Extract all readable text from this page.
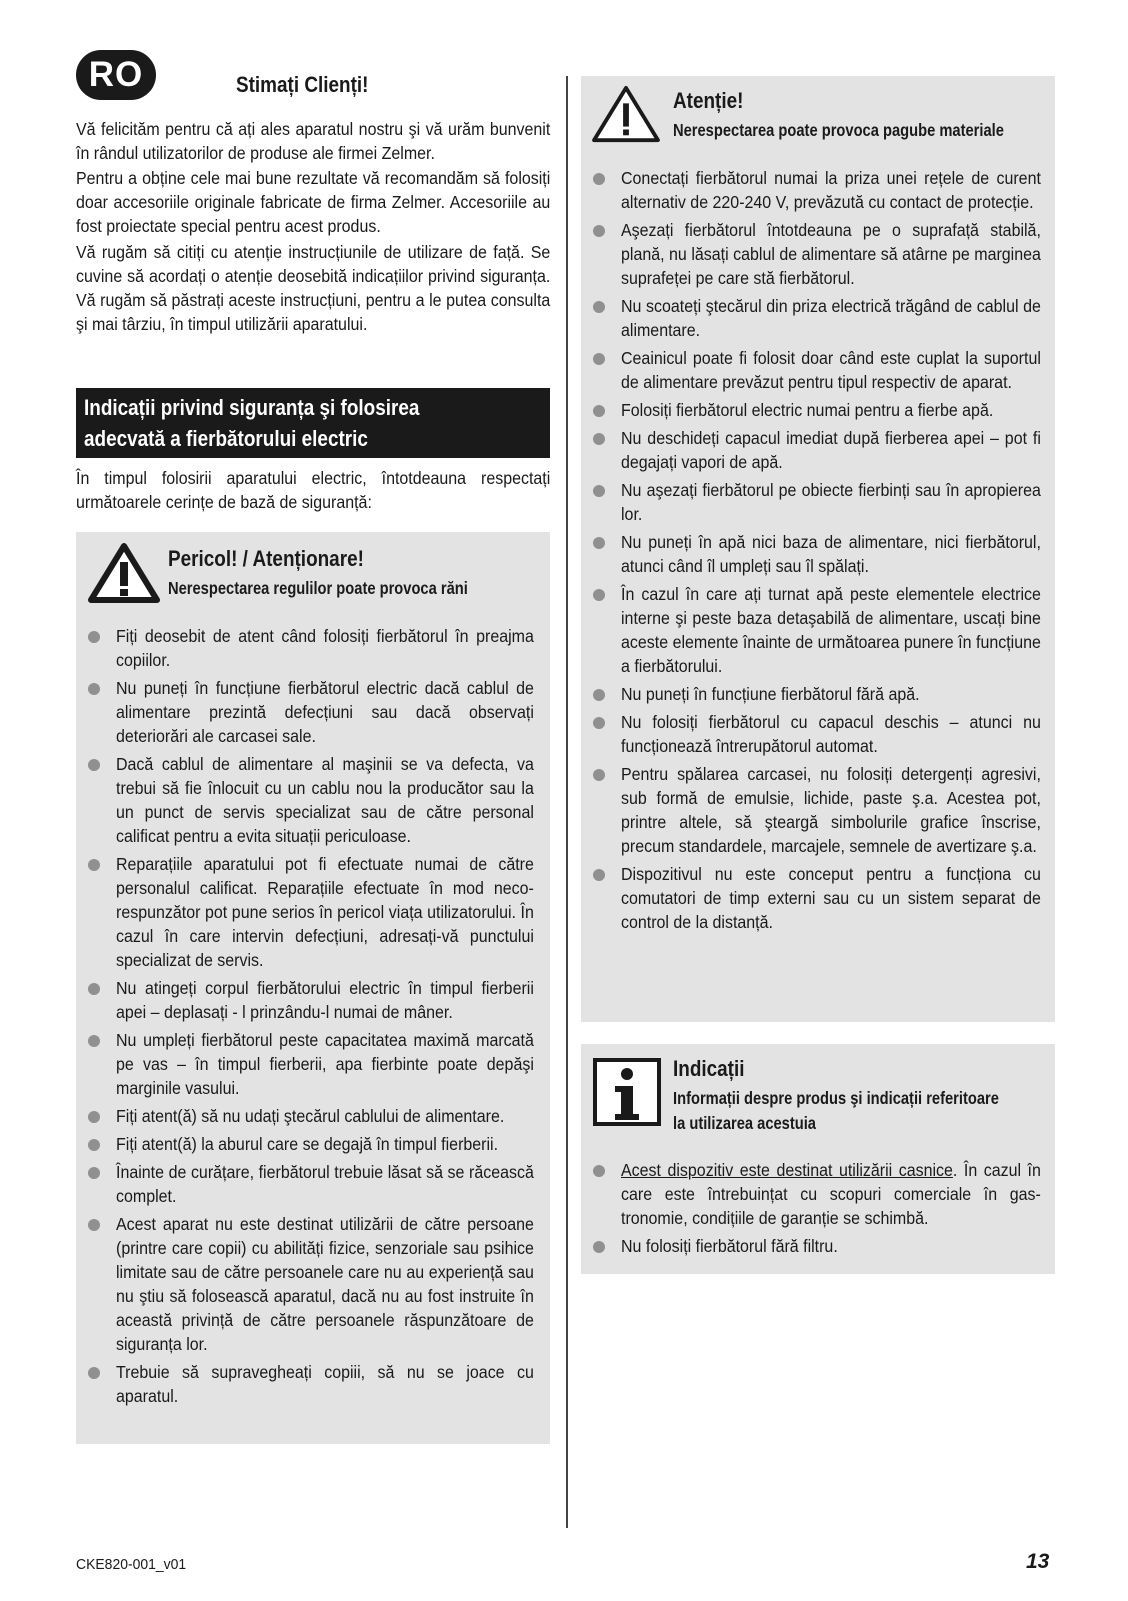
RO	Stimați Clienți!

Vă felicităm pentru că ați ales aparatul nostru şi vă urăm bunvenit în rândul utilizatorilor de produse ale firmei Zelmer.

Pentru a obține cele mai bune rezultate vă recomandăm să folosiți doar accesoriile originale fabricate de firma Zelmer. Accesoriile au fost proiectate special pentru acest produs.

Vă rugăm să citiți cu atenție instrucțiunile de utilizare de față. Se cuvine să acordați o atenție deosebită indicațiilor privind siguranța. Vă rugăm să păstrați aceste instrucțiuni, pentru a le putea consulta şi mai târziu, în timpul utilizării aparatului.

Indicații privind siguranța şi folosirea
adecvată a fierbătorului electric

În timpul folosirii aparatului electric, întotdeauna respectați următoarele cerințe de bază de siguranță:

Pericol! / Atenționare!
Nerespectarea regulilor poate provoca răni
Fiți deosebit de atent când folosiți fierbătorul în preajma copiilor.
Nu puneți în funcțiune fierbătorul electric dacă cablul de alimentare prezintă defecțiuni sau dacă observați deteriorări ale carcasei sale.
Dacă cablul de alimentare al maşinii se va defecta, va trebui să fie înlocuit cu un cablu nou la producător sau la un punct de servis specializat sau de către personal calificat pentru a evita situații periculoase.
Reparațiile aparatului pot fi efectuate numai de către personalul calificat. Reparațiile efectuate în mod necorespunzător pot pune serios în pericol viața utilizatorului. În cazul în care intervin defecțiuni, adresați-vă punctului specializat de servis.
Nu atingeți corpul fierbătorului electric în timpul fierberii apei – deplasați - l prinzându-l numai de mâner.
Nu umpleți fierbătorul peste capacitatea maximă marcată pe vas – în timpul fierberii, apa fierbinte poate depăşi marginile vasului.
Fiți atent(ă) să nu udați ştecărul cablului de alimentare.
Fiți atent(ă) la aburul care se degajă în timpul fierberii.
Înainte de curățare, fierbătorul trebuie lăsat să se răcească complet.
Acest aparat nu este destinat utilizării de către persoane (printre care copii) cu abilități fizice, senzoriale sau psihice limitate sau de către persoanele care nu au experiență sau nu ştiu să folosească aparatul, dacă nu au fost instruite în această privință de către persoanele răspunzătoare de siguranța lor.
Trebuie să supravegheați copiii, să nu se joace cu aparatul.
Atenție!
Nerespectarea poate provoca pagube materiale
Conectați fierbătorul numai la priza unei rețele de curent alternativ de 220-240 V, prevăzută cu contact de protecție.
Aşezați fierbătorul întotdeauna pe o suprafață stabilă, plană, nu lăsați cablul de alimentare să atârne pe marginea suprafeței pe care stă fierbătorul.
Nu scoateți ştecărul din priza electrică trăgând de cablul de alimentare.
Ceainicul poate fi folosit doar când este cuplat la suportul de alimentare prevăzut pentru tipul respectiv de aparat.
Folosiți fierbătorul electric numai pentru a fierbe apă.
Nu deschideți capacul imediat după fierberea apei – pot fi degajați vapori de apă.
Nu aşezați fierbătorul pe obiecte fierbinți sau în apropierea lor.
Nu puneți în apă nici baza de alimentare, nici fierbătorul, atunci când îl umpleți sau îl spălați.
În cazul în care ați turnat apă peste elementele electrice interne şi peste baza detaşabilă de alimentare, uscați bine aceste elemente înainte de următoarea punere în funcțiune a fierbătorului.
Nu puneți în funcțiune fierbătorul fără apă.
Nu folosiți fierbătorul cu capacul deschis – atunci nu funcționează întrerupătorul automat.
Pentru spălarea carcasei, nu folosiți detergenți agresivi, sub formă de emulsie, lichide, paste ş.a. Acestea pot, printre altele, să şteargă simbolurile grafice înscrise, precum standardele, marcajele, semnele de avertizare ş.a.
Dispozitivul nu este conceput pentru a funcționa cu comutatori de timp externi sau cu un sistem separat de control de la distanță.
Indicații
Informații despre produs şi indicații referitoare
la utilizarea acestuia
Acest dispozitiv este destinat utilizării casnice. În cazul în care este întrebuințat cu scopuri comerciale în gastronomie, condițiile de garanție se schimbă.
Nu folosiți fierbătorul fără filtru.
CKE820-001_v01	13
